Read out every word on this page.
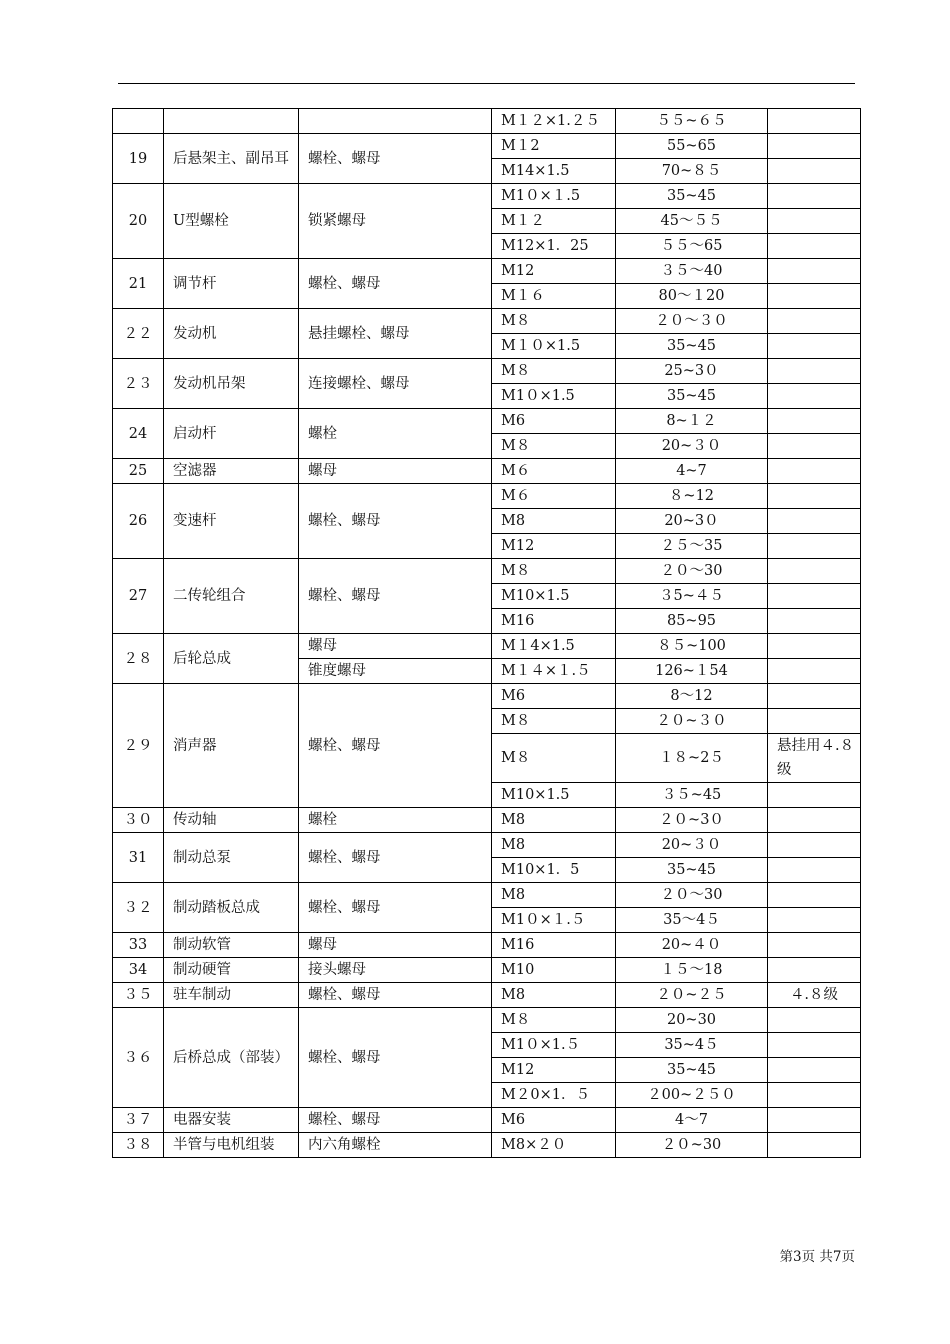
			M１２×1.２５	５５~６５	
19	后悬架主、副吊耳	螺栓、螺母	M１2	55~65	
			M14×1.5	70~８５	
20	U型螺栓	锁紧螺母	M1０×１.5	35~45	
			M１２	45～５５	
			M12×1．25	５５～65	
21	调节杆	螺栓、螺母	M12	３５～40	
			M１６	80～１20	
２２	发动机	悬挂螺栓、螺母	M８	２０～３０	
			M１０×1.5	35~45	
２３	发动机吊架	连接螺栓、螺母	M８	25~3０	
			M1０×1.5	35~45	
24	启动杆	螺栓	M6	8~１２	
			M８	20~３０	
25	空滤器	螺母	M６	4~7	
26	变速杆	螺栓、螺母	M６	８~12	
			M8	20~3０	
			M12	２５～35	
27	二传轮组合	螺栓、螺母	M８	２０～30	
			M10×1.5	３5~４５	
			M16	85~95	
２８	后轮总成	螺母	M１4×1.5	８５~100	
		锥度螺母	M１４×１.５	126~１54	
２９	消声器	螺栓、螺母	M6	8～12	
			M８	２０~３０	
			M８	１８~2５	悬挂用４.８级
			M10×1.5	３５~45	
３０	传动轴	螺栓	M8	２０~3０	
31	制动总泵	螺栓、螺母	M8	20~３０	
			M10×1．5	35~45	
３２	制动踏板总成	螺栓、螺母	M8	２０～30	
			M1０×１.５	35～4５	
33	制动软管	螺母	M16	20~４０	
34	制动硬管	接头螺母	M10	１５～18	
３５	驻车制动	螺栓、螺母	M8	２０~２５	４.８级
３６	后桥总成（部装）	螺栓、螺母	M８	20~30	
			M1０×1.５	35~4５	
			M12	35~45	
			M２0×1．５	２00~２５０	
３７	电器安装	螺栓、螺母	M6	4～7	
３８	半管与电机组装	内六角螺栓	M8×２０	２０~30	
第3页 共7页
